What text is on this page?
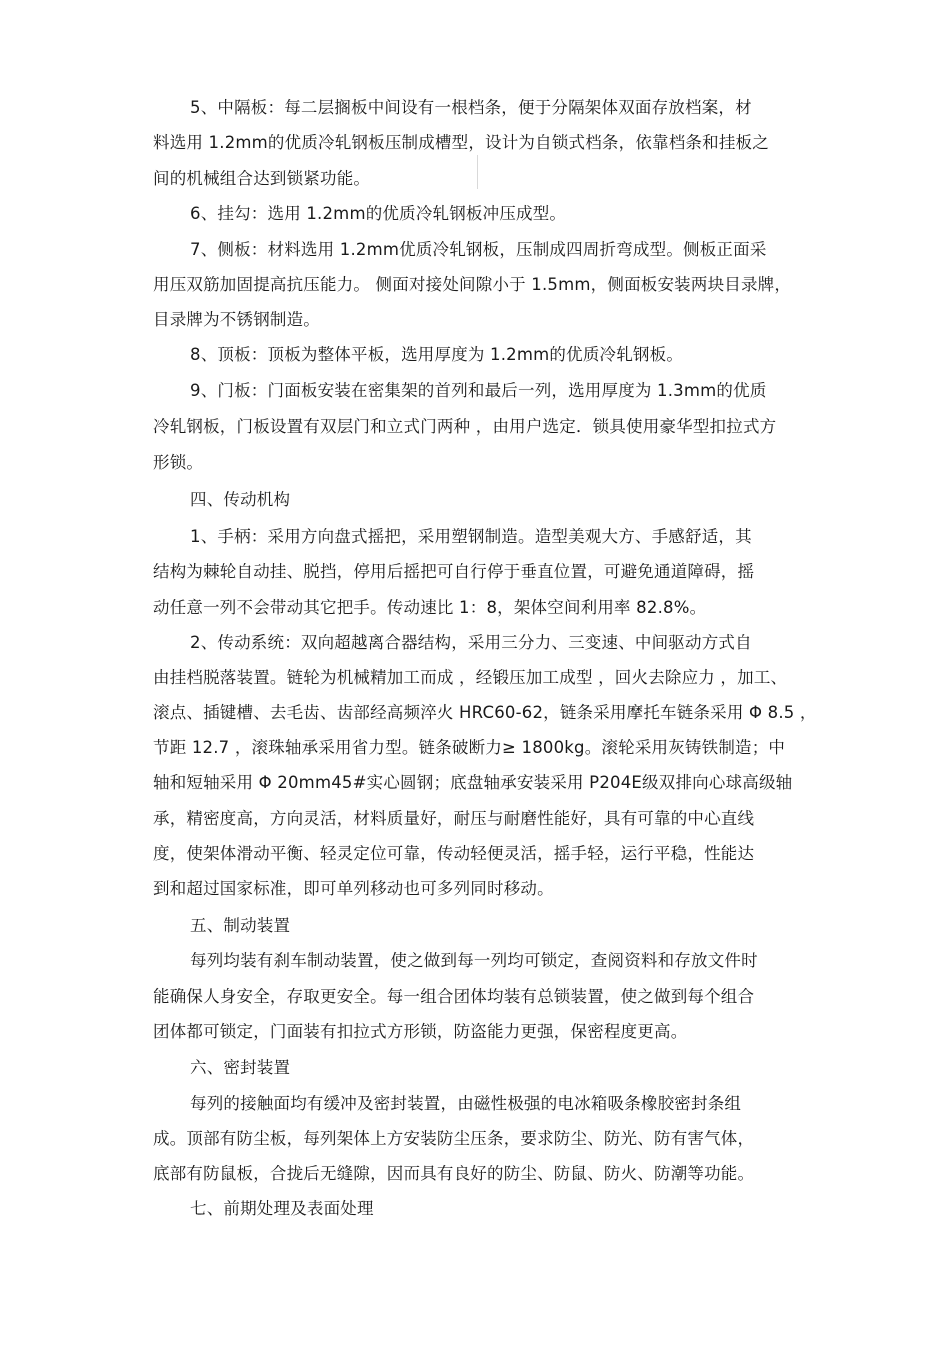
5、中隔板：每二层搁板中间设有一根档条，便于分隔架体双面存放档案，材
料选用 1.2mm的优质冷轧钢板压制成槽型，设计为自锁式档条，依靠档条和挂板之
间的机械组合达到锁紧功能。
6、挂勾：选用 1.2mm的优质冷轧钢板冲压成型。
7、侧板：材料选用 1.2mm优质冷轧钢板，压制成四周折弯成型。侧板正面采
用压双筋加固提高抗压能力。 侧面对接处间隙小于 1.5mm，侧面板安装两块目录牌，
目录牌为不锈钢制造。
8、顶板：顶板为整体平板，选用厚度为 1.2mm的优质冷轧钢板。
9、门板：门面板安装在密集架的首列和最后一列，选用厚度为 1.3mm的优质
冷轧钢板，门板设置有双层门和立式门两种 ，由用户选定．锁具使用豪华型扣拉式方
形锁。
四、传动机构
1、手柄：采用方向盘式摇把，采用塑钢制造。造型美观大方、手感舒适，其
结构为棘轮自动挂、脱挡，停用后摇把可自行停于垂直位置，可避免通道障碍，摇
动任意一列不会带动其它把手。传动速比 1：8，架体空间利用率 82.8%。
2、传动系统：双向超越离合器结构，采用三分力、三变速、中间驱动方式自
由挂档脱落装置。链轮为机械精加工而成 ，经锻压加工成型 ，回火去除应力 ，加工、
滚点、插键槽、去毛齿、齿部经高频淬火 HRC60-62，链条采用摩托车链条采用 Φ 8.5 ，
节距 12.7 ，滚珠轴承采用省力型。链条破断力≥ 1800kg。滚轮采用灰铸铁制造；中
轴和短轴采用 Φ 20mm45#实心圆钢；底盘轴承安装采用 P204E级双排向心球高级轴
承，精密度高，方向灵活，材料质量好，耐压与耐磨性能好，具有可靠的中心直线
度，使架体滑动平衡、轻灵定位可靠，传动轻便灵活，摇手轻，运行平稳，性能达
到和超过国家标准，即可单列移动也可多列同时移动。
五、制动装置
每列均装有刹车制动装置，使之做到每一列均可锁定，查阅资料和存放文件时
能确保人身安全，存取更安全。每一组合团体均装有总锁装置，使之做到每个组合
团体都可锁定，门面装有扣拉式方形锁，防盗能力更强，保密程度更高。
六、密封装置
每列的接触面均有缓冲及密封装置，由磁性极强的电冰箱吸条橡胶密封条组
成。顶部有防尘板，每列架体上方安装防尘压条，要求防尘、防光、防有害气体，
底部有防鼠板，合拢后无缝隙，因而具有良好的防尘、防鼠、防火、防潮等功能。
七、前期处理及表面处理
